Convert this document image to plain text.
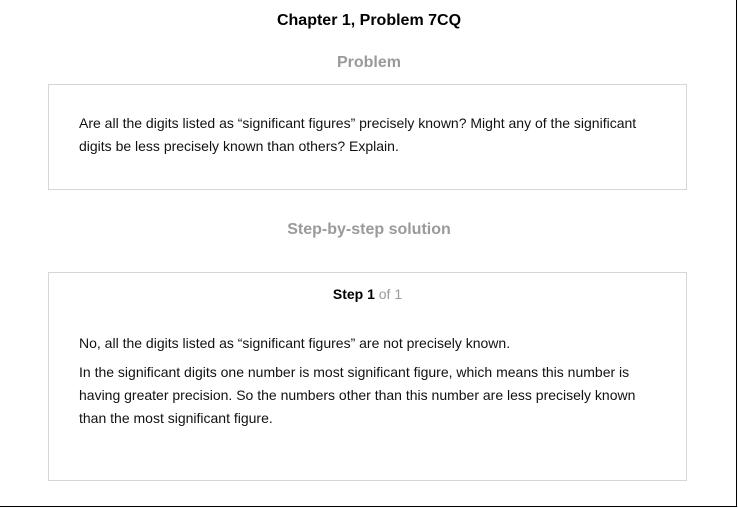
Chapter 1, Problem 7CQ
Problem
Are all the digits listed as “significant figures” precisely known? Might any of the significant digits be less precisely known than others? Explain.
Step-by-step solution
Step 1 of 1
No, all the digits listed as “significant figures” are not precisely known.
In the significant digits one number is most significant figure, which means this number is having greater precision. So the numbers other than this number are less precisely known than the most significant figure.
